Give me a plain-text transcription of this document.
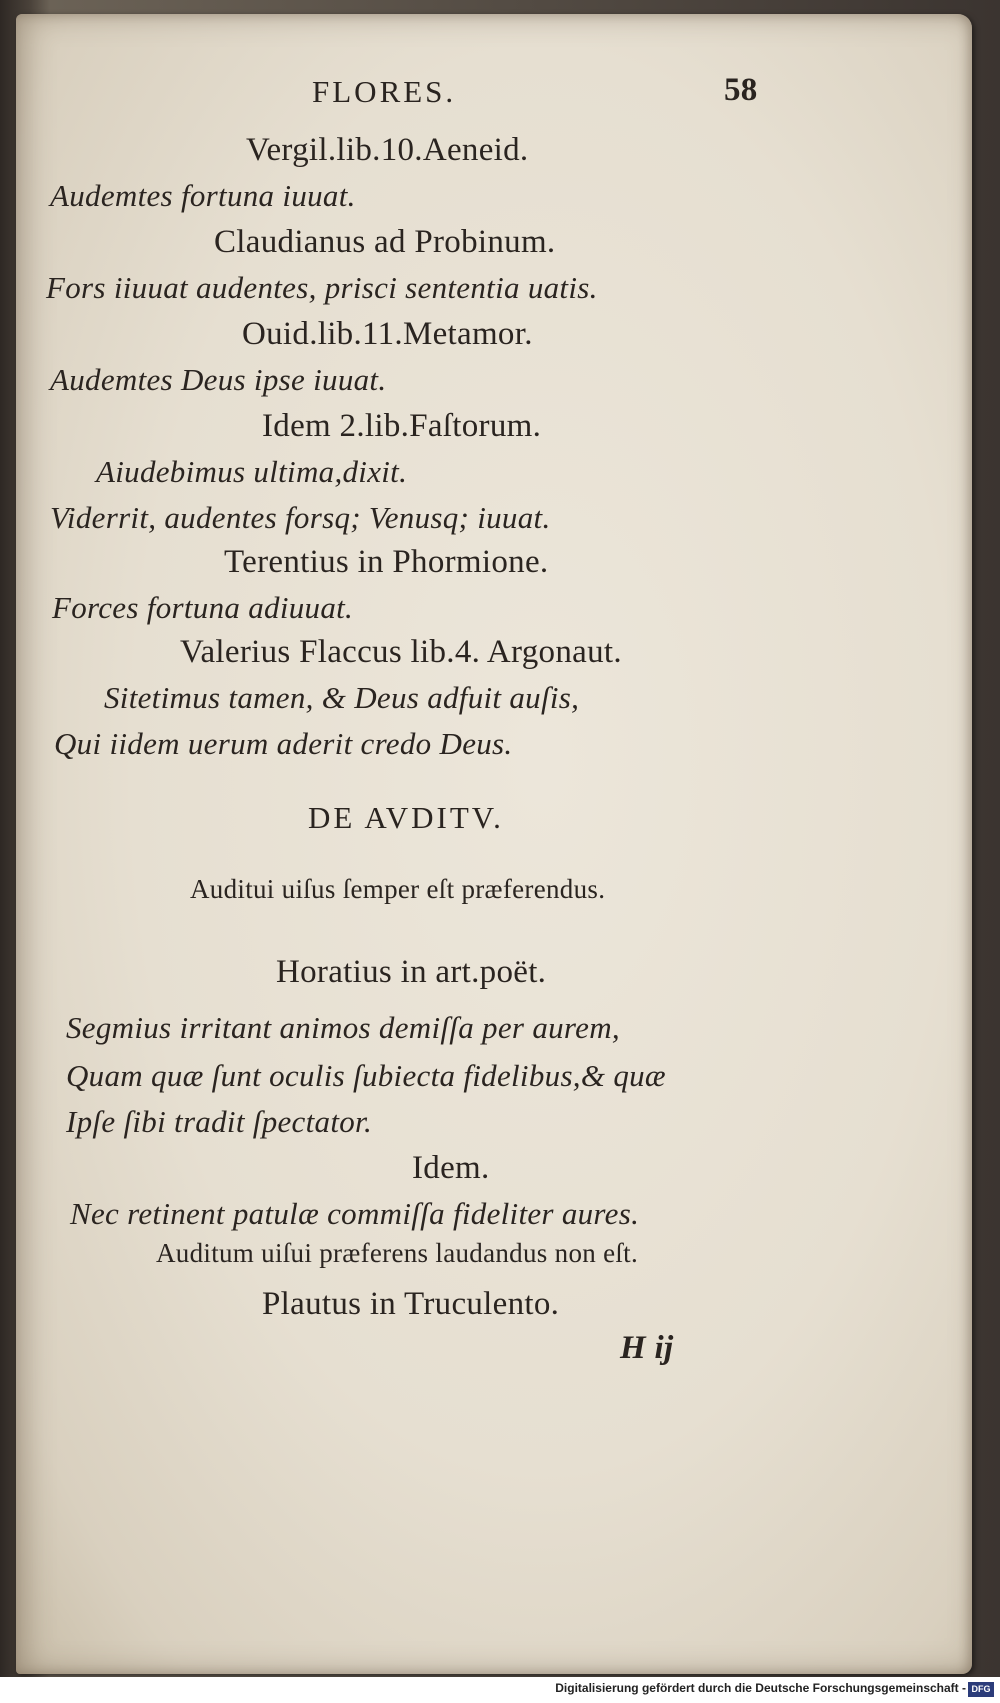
FLORES.	58
Vergil.lib.10.Aeneid.
Audemtes fortuna iuuat.
Claudianus ad Probinum.
Fors iiuuat audentes, prisci sententia uatis.
Ouid.lib.11.Metamor.
Audemtes Deus ipse iuuat.
Idem 2.lib.Faſtorum.
Aiudebimus ultima,dixit.
Viderrit, audentes forsq; Venusq; iuuat.
Terentius in Phormione.
Forces fortuna adiuuat.
Valerius Flaccus lib.4. Argonaut.
Sitetimus tamen, & Deus adfuit auſis,
Qui iidem uerum aderit credo Deus.
DE AVDITV.
Auditui uiſus ſemper eſt præferendus.
Horatius in art.poët.
Segmius irritant animos demiſſa per aurem,
Quam quæ ſunt oculis ſubiecta fidelibus,& quæ
Ipſe ſibi tradit ſpectator.
Idem.
Nec retinent patulæ commiſſa fideliter aures.
Auditum uiſui præferens laudandus non eſt.
Plautus in Truculento.
H ij
Digitalisierung gefördert durch die Deutsche Forschungsgemeinschaft - DFG
